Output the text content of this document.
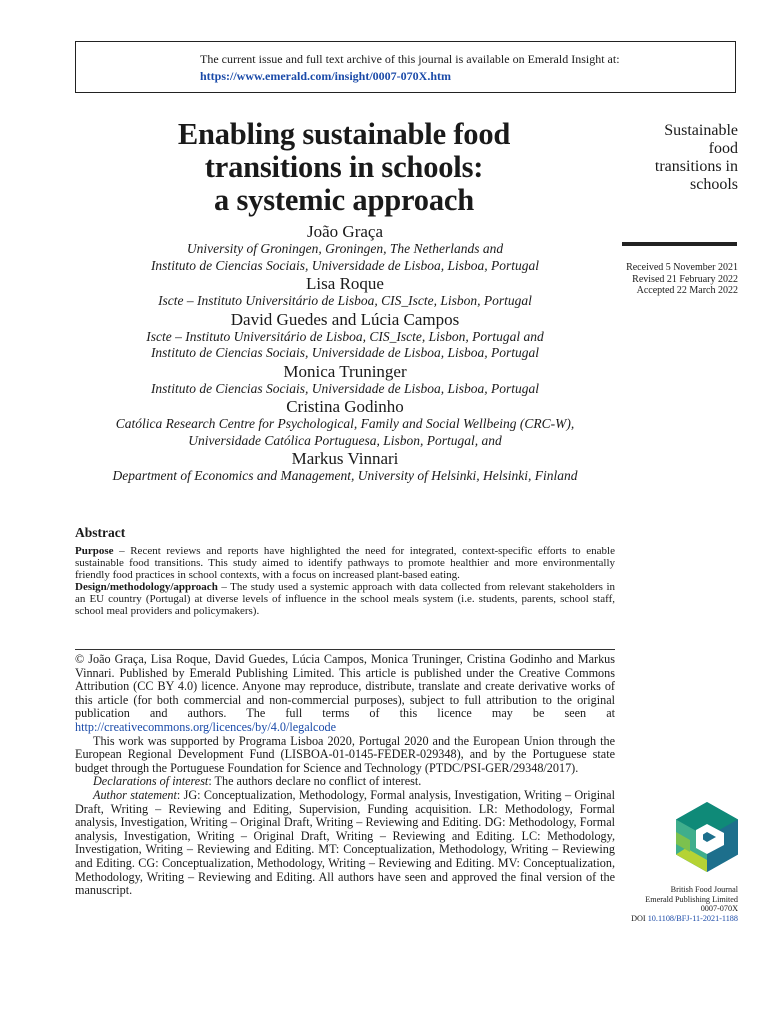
The current issue and full text archive of this journal is available on Emerald Insight at:
https://www.emerald.com/insight/0007-070X.htm
Sustainable
food
transitions in
schools
Received 5 November 2021
Revised 21 February 2022
Accepted 22 March 2022
Enabling sustainable food
transitions in schools:
a systemic approach
João Graça
University of Groningen, Groningen, The Netherlands and
Instituto de Ciencias Sociais, Universidade de Lisboa, Lisboa, Portugal
Lisa Roque
Iscte – Instituto Universitário de Lisboa, CIS_Iscte, Lisbon, Portugal
David Guedes and Lúcia Campos
Iscte – Instituto Universitário de Lisboa, CIS_Iscte, Lisbon, Portugal and
Instituto de Ciencias Sociais, Universidade de Lisboa, Lisboa, Portugal
Monica Truninger
Instituto de Ciencias Sociais, Universidade de Lisboa, Lisboa, Portugal
Cristina Godinho
Católica Research Centre for Psychological, Family and Social Wellbeing (CRC-W),
Universidade Católica Portuguesa, Lisbon, Portugal, and
Markus Vinnari
Department of Economics and Management, University of Helsinki, Helsinki, Finland
Abstract

Purpose – Recent reviews and reports have highlighted the need for integrated, context-specific efforts to enable sustainable food transitions. This study aimed to identify pathways to promote healthier and more environmentally friendly food practices in school contexts, with a focus on increased plant-based eating.

Design/methodology/approach – The study used a systemic approach with data collected from relevant stakeholders in an EU country (Portugal) at diverse levels of influence in the school meals system (i.e. students, parents, school staff, school meal providers and policymakers).

© João Graça, Lisa Roque, David Guedes, Lúcia Campos, Monica Truninger, Cristina Godinho and Markus Vinnari. Published by Emerald Publishing Limited. This article is published under the Creative Commons Attribution (CC BY 4.0) licence. Anyone may reproduce, distribute, translate and create derivative works of this article (for both commercial and non-commercial purposes), subject to full attribution to the original publication and authors. The full terms of this licence may be seen at http://creativecommons.org/licences/by/4.0/legalcode

This work was supported by Programa Lisboa 2020, Portugal 2020 and the European Union through the European Regional Development Fund (LISBOA-01-0145-FEDER-029348), and by the Portuguese state budget through the Portuguese Foundation for Science and Technology (PTDC/PSI-GER/29348/2017).

Declarations of interest: The authors declare no conflict of interest.

Author statement: JG: Conceptualization, Methodology, Formal analysis, Investigation, Writing – Original Draft, Writing – Reviewing and Editing, Supervision, Funding acquisition. LR: Methodology, Formal analysis, Investigation, Writing – Original Draft, Writing – Reviewing and Editing. DG: Methodology, Formal analysis, Investigation, Writing – Original Draft, Writing – Reviewing and Editing. LC: Methodology, Investigation, Writing – Reviewing and Editing. MT: Conceptualization, Methodology, Writing – Reviewing and Editing. CG: Conceptualization, Methodology, Writing – Reviewing and Editing. MV: Conceptualization, Methodology, Writing – Reviewing and Editing. All authors have seen and approved the final version of the manuscript.	British Food Journal
Emerald Publishing Limited
0007-070X
DOI 10.1108/BFJ-11-2021-1188
